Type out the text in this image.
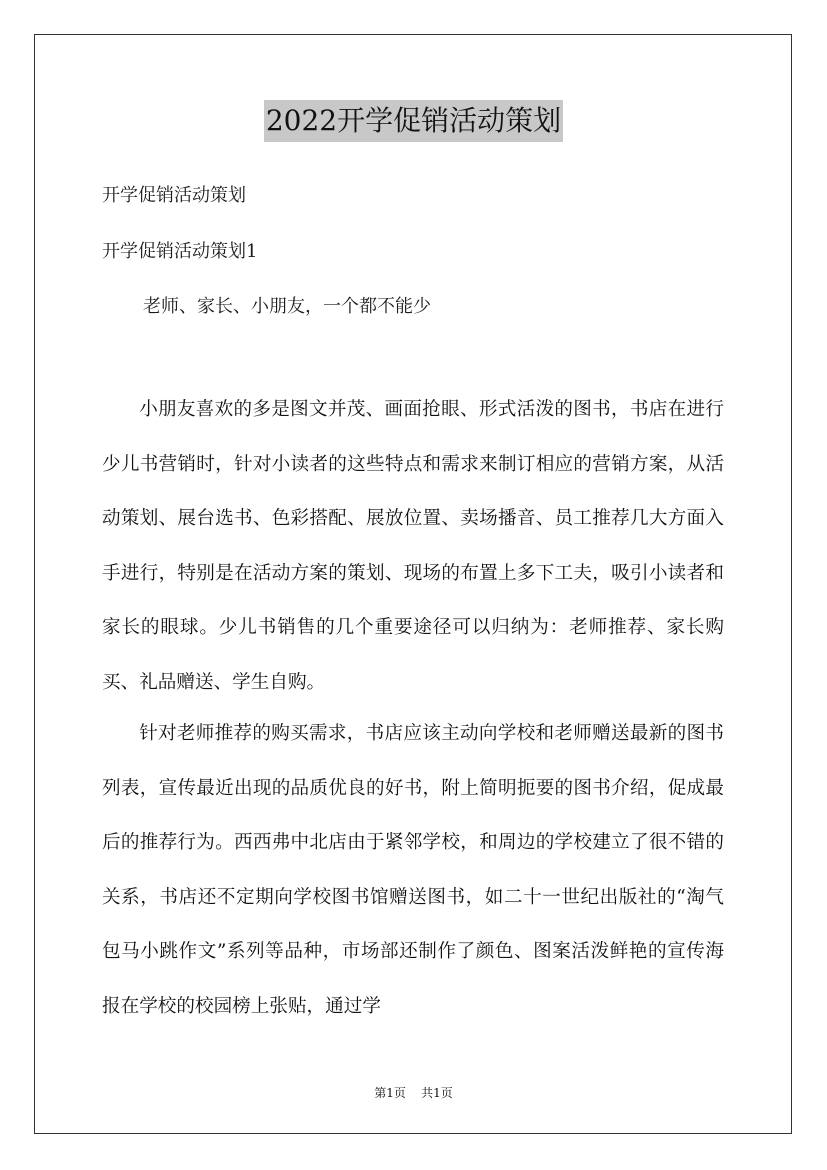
2022开学促销活动策划
开学促销活动策划
开学促销活动策划1
老师、家长、小朋友，一个都不能少

小朋友喜欢的多是图文并茂、画面抢眼、形式活泼的图书，书店在进行少儿书营销时，针对小读者的这些特点和需求来制订相应的营销方案，从活动策划、展台选书、色彩搭配、展放位置、卖场播音、员工推荐几大方面入手进行，特别是在活动方案的策划、现场的布置上多下工夫，吸引小读者和家长的眼球。少儿书销售的几个重要途径可以归纳为：老师推荐、家长购买、礼品赠送、学生自购。

针对老师推荐的购买需求，书店应该主动向学校和老师赠送最新的图书列表，宣传最近出现的品质优良的好书，附上简明扼要的图书介绍，促成最后的推荐行为。西西弗中北店由于紧邻学校，和周边的学校建立了很不错的关系，书店还不定期向学校图书馆赠送图书，如二十一世纪出版社的“淘气包马小跳作文”系列等品种，市场部还制作了颜色、图案活泼鲜艳的宣传海报在学校的校园榜上张贴，通过学

第1页 共1页
